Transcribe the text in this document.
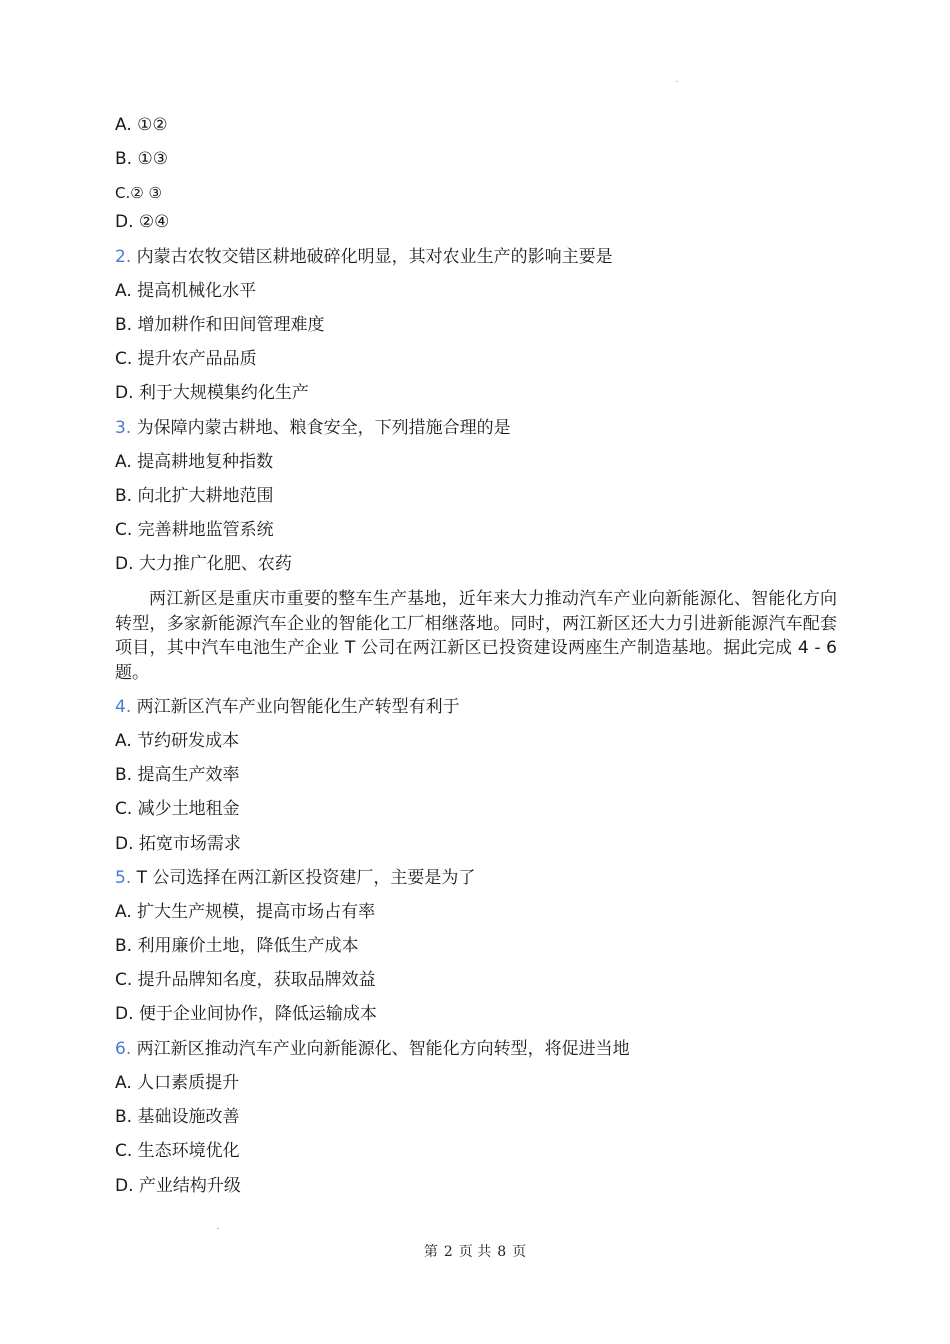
A. ①②
B. ①③
C.② ③
D. ②④
2. 内蒙古农牧交错区耕地破碎化明显，其对农业生产的影响主要是
A. 提高机械化水平
B. 增加耕作和田间管理难度
C. 提升农产品品质
D. 利于大规模集约化生产
3. 为保障内蒙古耕地、粮食安全，下列措施合理的是
A. 提高耕地复种指数
B. 向北扩大耕地范围
C. 完善耕地监管系统
D. 大力推广化肥、农药
两江新区是重庆市重要的整车生产基地，近年来大力推动汽车产业向新能源化、智能化方向转型，多家新能源汽车企业的智能化工厂相继落地。同时，两江新区还大力引进新能源汽车配套项目，其中汽车电池生产企业 T 公司在两江新区已投资建设两座生产制造基地。据此完成 4 - 6 题。
4. 两江新区汽车产业向智能化生产转型有利于
A. 节约研发成本
B. 提高生产效率
C. 减少土地租金
D. 拓宽市场需求
5. T 公司选择在两江新区投资建厂，主要是为了
A. 扩大生产规模，提高市场占有率
B. 利用廉价土地，降低生产成本
C. 提升品牌知名度，获取品牌效益
D. 便于企业间协作，降低运输成本
6. 两江新区推动汽车产业向新能源化、智能化方向转型，将促进当地
A. 人口素质提升
B. 基础设施改善
C. 生态环境优化
D. 产业结构升级
第 2 页 共 8 页
